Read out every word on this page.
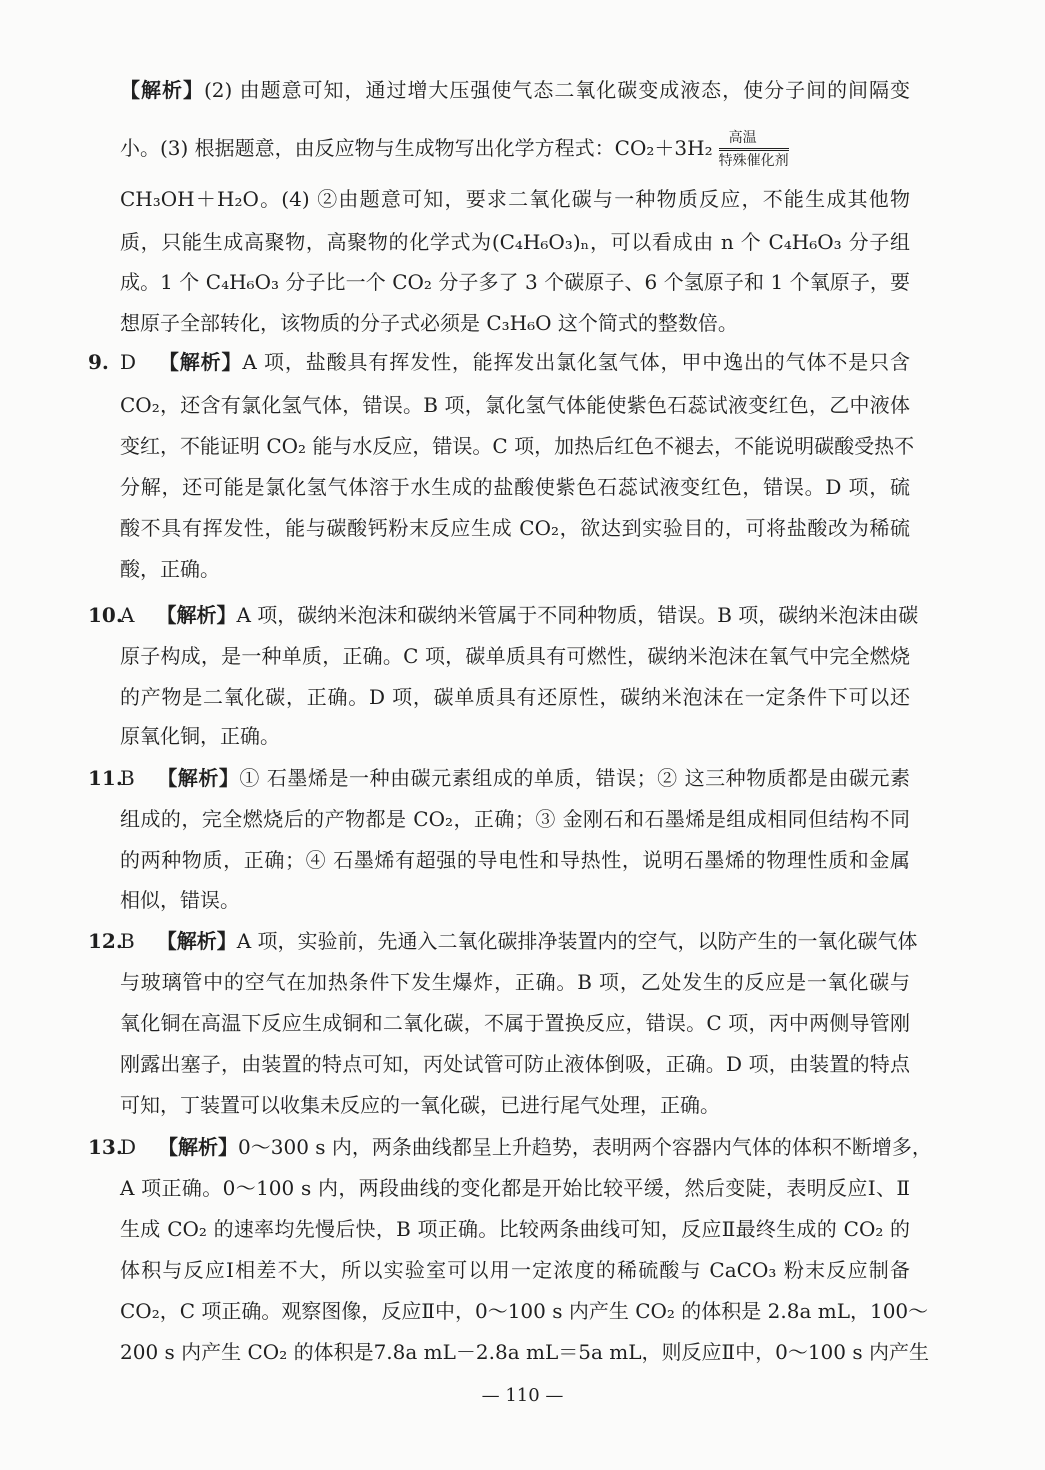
【解析】(2) 由题意可知，通过增大压强使气态二氧化碳变成液态，使分子间的间隔变
小。(3) 根据题意，由反应物与生成物写出化学方程式：CO₂＋3H₂	高温
特殊催化剂
CH₃OH＋H₂O。(4) ②由题意可知，要求二氧化碳与一种物质反应，不能生成其他物
质，只能生成高聚物，高聚物的化学式为(C₄H₆O₃)ₙ，可以看成由 n 个 C₄H₆O₃ 分子组
成。1 个 C₄H₆O₃ 分子比一个 CO₂ 分子多了 3 个碳原子、6 个氢原子和 1 个氧原子，要
想原子全部转化，该物质的分子式必须是 C₃H₆O 这个简式的整数倍。
9. D 【解析】A 项，盐酸具有挥发性，能挥发出氯化氢气体，甲中逸出的气体不是只含
CO₂，还含有氯化氢气体，错误。B 项，氯化氢气体能使紫色石蕊试液变红色，乙中液体
变红，不能证明 CO₂ 能与水反应，错误。C 项，加热后红色不褪去，不能说明碳酸受热不
分解，还可能是氯化氢气体溶于水生成的盐酸使紫色石蕊试液变红色，错误。D 项，硫
酸不具有挥发性，能与碳酸钙粉末反应生成 CO₂，欲达到实验目的，可将盐酸改为稀硫
酸，正确。
10.
A 【解析】A 项，碳纳米泡沫和碳纳米管属于不同种物质，错误。B 项，碳纳米泡沫由碳
原子构成，是一种单质，正确。C 项，碳单质具有可燃性，碳纳米泡沫在氧气中完全燃烧
的产物是二氧化碳，正确。D 项，碳单质具有还原性，碳纳米泡沫在一定条件下可以还
原氧化铜，正确。
11.
B 【解析】① 石墨烯是一种由碳元素组成的单质，错误；② 这三种物质都是由碳元素
组成的，完全燃烧后的产物都是 CO₂，正确；③ 金刚石和石墨烯是组成相同但结构不同
的两种物质，正确；④ 石墨烯有超强的导电性和导热性，说明石墨烯的物理性质和金属
相似，错误。
12.
B 【解析】A 项，实验前，先通入二氧化碳排净装置内的空气，以防产生的一氧化碳气体
与玻璃管中的空气在加热条件下发生爆炸，正确。B 项，乙处发生的反应是一氧化碳与
氧化铜在高温下反应生成铜和二氧化碳，不属于置换反应，错误。C 项，丙中两侧导管刚
刚露出塞子，由装置的特点可知，丙处试管可防止液体倒吸，正确。D 项，由装置的特点
可知，丁装置可以收集未反应的一氧化碳，已进行尾气处理，正确。
13.
D 【解析】0～300 s 内，两条曲线都呈上升趋势，表明两个容器内气体的体积不断增多，
A 项正确。0～100 s 内，两段曲线的变化都是开始比较平缓，然后变陡，表明反应Ⅰ、Ⅱ
生成 CO₂ 的速率均先慢后快，B 项正确。比较两条曲线可知，反应Ⅱ最终生成的 CO₂ 的
体积与反应Ⅰ相差不大，所以实验室可以用一定浓度的稀硫酸与 CaCO₃ 粉末反应制备
CO₂，C 项正确。观察图像，反应Ⅱ中，0～100 s 内产生 CO₂ 的体积是 2.8a mL，100～
200 s 内产生 CO₂ 的体积是7.8a mL－2.8a mL＝5a mL，则反应Ⅱ中，0～100 s 内产生
— 110 —
